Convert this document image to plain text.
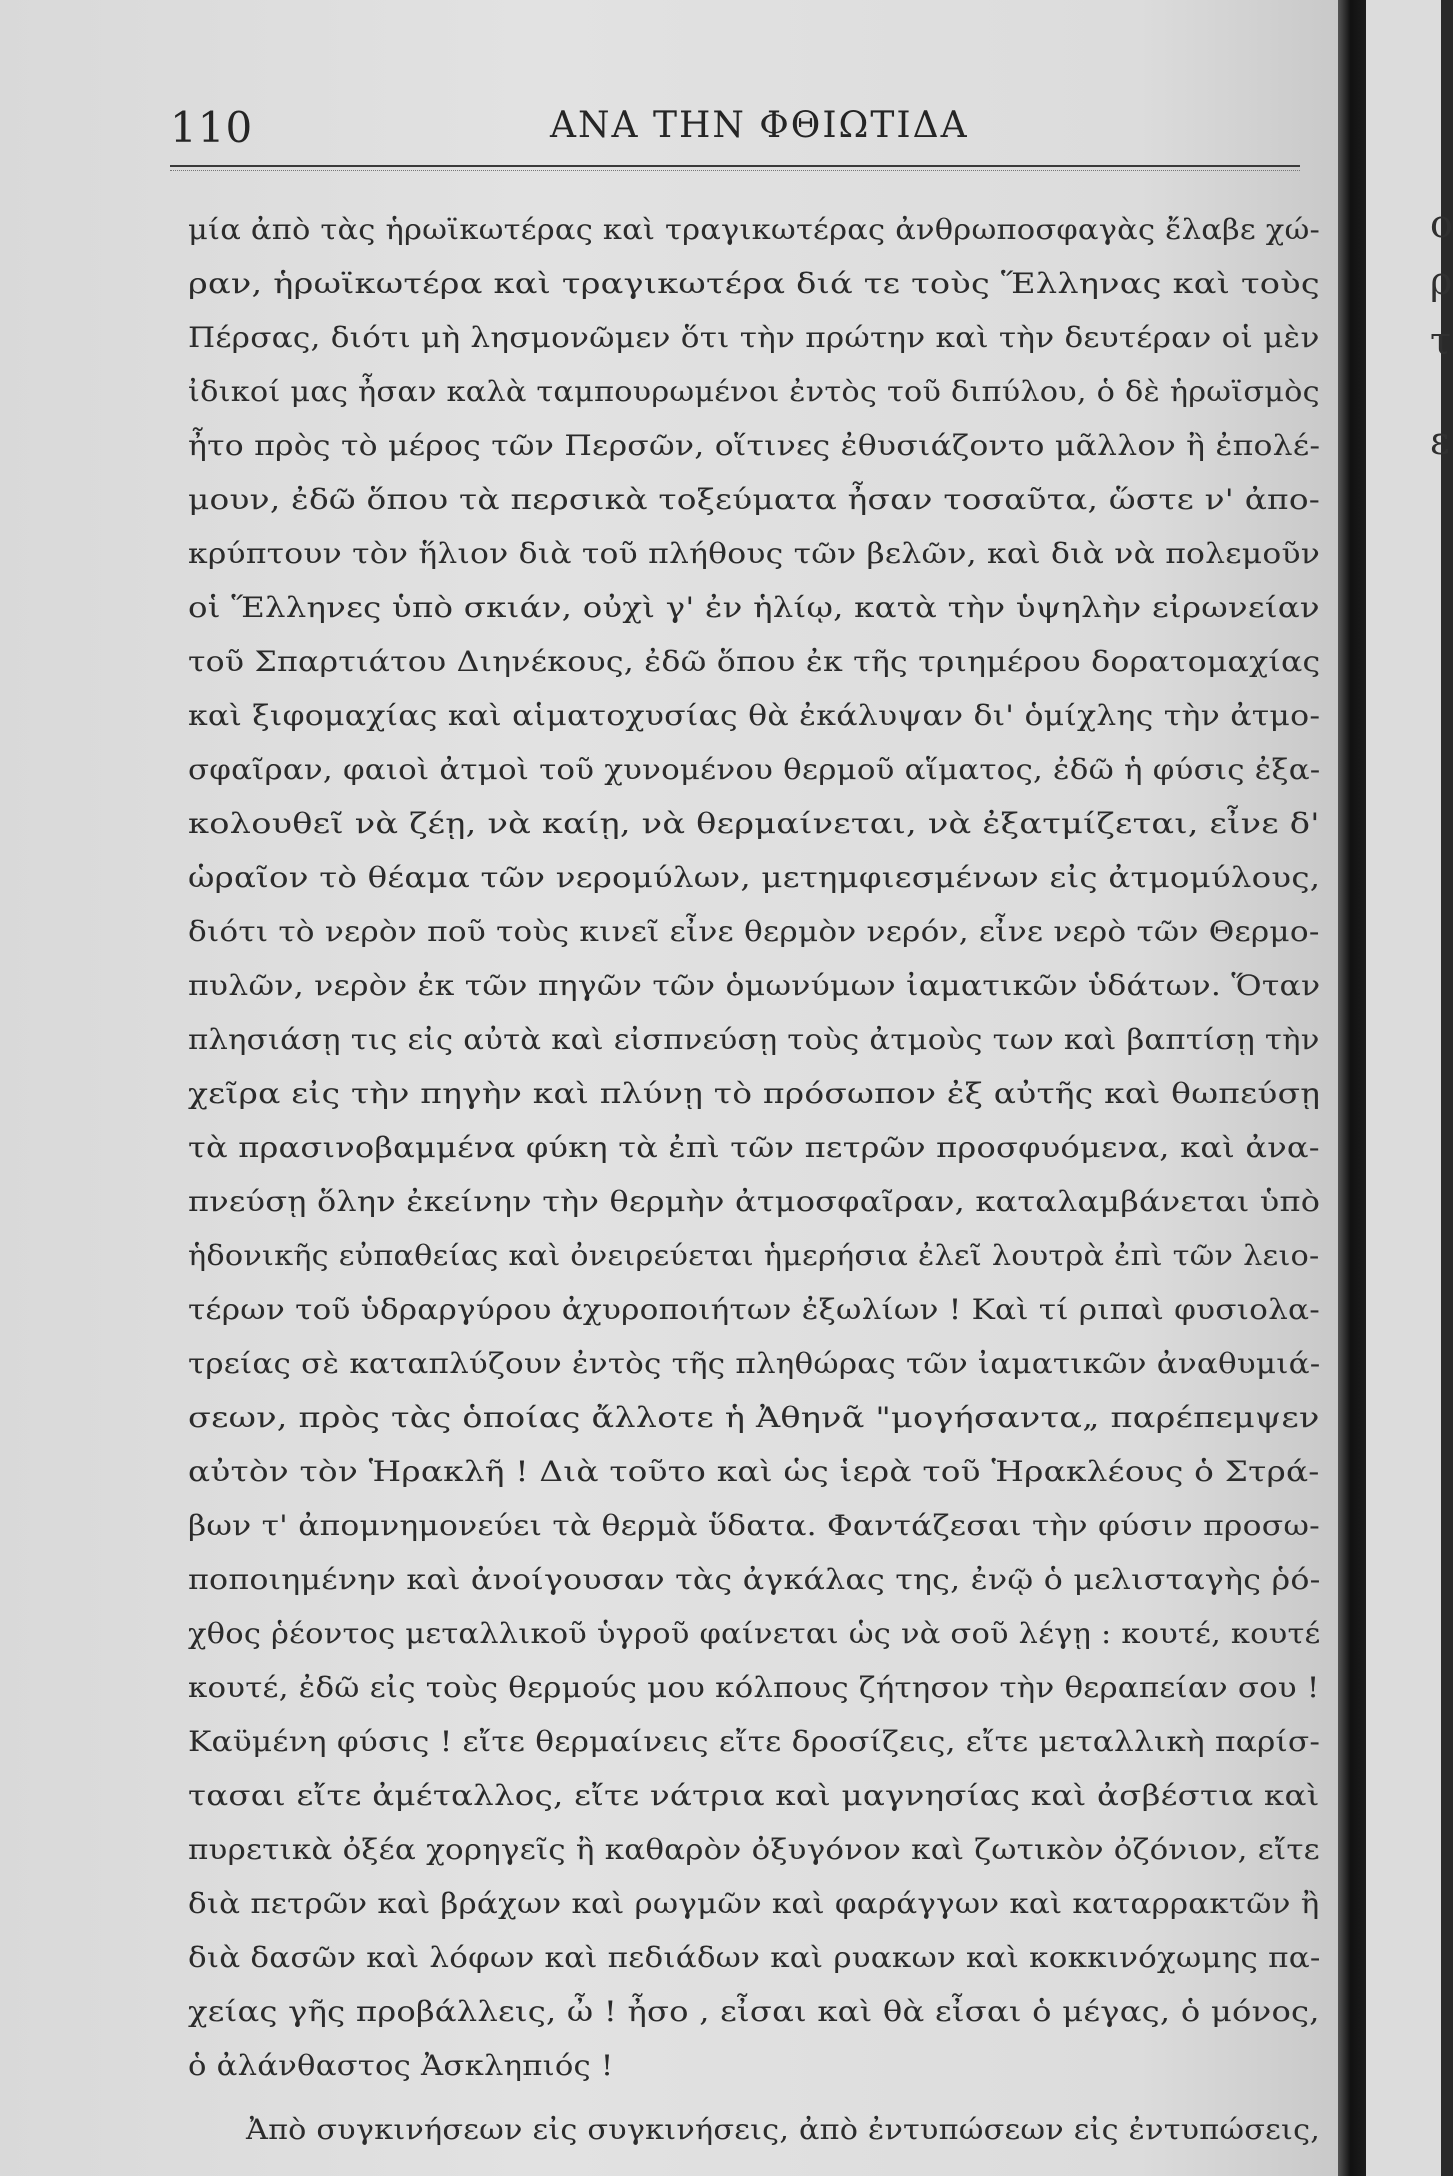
110	ΑΝΑ ΤΗΝ ΦΘΙΩΤΙΔΑ
μία ἀπὸ τὰς ἡρωϊκωτέρας καὶ τραγικωτέρας ἀνθρωποσφαγὰς ἔλαβε χώ-
ραν, ἡρωϊκωτέρα καὶ τραγικωτέρα διά τε τοὺς Ἕλληνας καὶ τοὺς
Πέρσας, διότι μὴ λησμονῶμεν ὅτι τὴν πρώτην καὶ τὴν δευτέραν οἱ μὲν
ἰδικοί μας ἦσαν καλὰ ταμπουρωμένοι ἐντὸς τοῦ διπύλου, ὁ δὲ ἡρωϊσμὸς
ἦτο πρὸς τὸ μέρος τῶν Περσῶν, οἵτινες ἐθυσιάζοντο μᾶλλον ἢ ἐπολέ-
μουν, ἐδῶ ὅπου τὰ περσικὰ τοξεύματα ἦσαν τοσαῦτα, ὥστε ν' ἀπο-
κρύπτουν τὸν ἥλιον διὰ τοῦ πλήθους τῶν βελῶν, καὶ διὰ νὰ πολεμοῦν
οἱ Ἕλληνες ὑπὸ σκιάν, οὐχὶ γ' ἐν ἡλίῳ, κατὰ τὴν ὑψηλὴν εἰρωνείαν
τοῦ Σπαρτιάτου Διηνέκους, ἐδῶ ὅπου ἐκ τῆς τριημέρου δορατομαχίας
καὶ ξιφομαχίας καὶ αἱματοχυσίας θὰ ἐκάλυψαν δι' ὁμίχλης τὴν ἀτμο-
σφαῖραν, φαιοὶ ἀτμοὶ τοῦ χυνομένου θερμοῦ αἵματος, ἐδῶ ἡ φύσις ἐξα-
κολουθεῖ νὰ ζέῃ, νὰ καίῃ, νὰ θερμαίνεται, νὰ ἐξατμίζεται, εἶνε δ'
ὡραῖον τὸ θέαμα τῶν νερομύλων, μετημφιεσμένων εἰς ἀτμομύλους,
διότι τὸ νερὸν ποῦ τοὺς κινεῖ εἶνε θερμὸν νερόν, εἶνε νερὸ τῶν Θερμο-
πυλῶν, νερὸν ἐκ τῶν πηγῶν τῶν ὁμωνύμων ἰαματικῶν ὑδάτων. Ὅταν
πλησιάσῃ τις εἰς αὐτὰ καὶ εἰσπνεύσῃ τοὺς ἀτμοὺς των καὶ βαπτίσῃ τὴν
χεῖρα εἰς τὴν πηγὴν καὶ πλύνῃ τὸ πρόσωπον ἐξ αὐτῆς καὶ θωπεύσῃ
τὰ πρασινοβαμμένα φύκη τὰ ἐπὶ τῶν πετρῶν προσφυόμενα, καὶ ἀνα-
πνεύσῃ ὅλην ἐκείνην τὴν θερμὴν ἀτμοσφαῖραν, καταλαμβάνεται ὑπὸ
ἡδονικῆς εὐπαθείας καὶ ὀνειρεύεται ἡμερήσια ἐλεῖ λουτρὰ ἐπὶ τῶν λειο-
τέρων τοῦ ὑδραργύρου ἀχυροποιήτων ἐξωλίων ! Καὶ τί ριπαὶ φυσιολα-
τρείας σὲ καταπλύζουν ἐντὸς τῆς πληθώρας τῶν ἰαματικῶν ἀναθυμιά-
σεων, πρὸς τὰς ὁποίας ἄλλοτε ἡ Ἀθηνᾶ "μογήσαντα„ παρέπεμψεν
αὐτὸν τὸν Ἡρακλῆ ! Διὰ τοῦτο καὶ ὡς ἱερὰ τοῦ Ἡρακλέους ὁ Στρά-
βων τ' ἀπομνημονεύει τὰ θερμὰ ὕδατα. Φαντάζεσαι τὴν φύσιν προσω-
ποποιημένην καὶ ἀνοίγουσαν τὰς ἀγκάλας της, ἐνῷ ὁ μελισταγὴς ῥό-
χθος ῥέοντος μεταλλικοῦ ὑγροῦ φαίνεται ὡς νὰ σοῦ λέγῃ : κουτέ, κουτέ
κουτέ, ἐδῶ εἰς τοὺς θερμούς μου κόλπους ζήτησον τὴν θεραπείαν σου !
Καϋμένη φύσις ! εἴτε θερμαίνεις εἴτε δροσίζεις, εἴτε μεταλλικὴ παρίσ-
τασαι εἴτε ἀμέταλλος, εἴτε νάτρια καὶ μαγνησίας καὶ ἀσβέστια καὶ
πυρετικὰ ὀξέα χορηγεῖς ἢ καθαρὸν ὀξυγόνον καὶ ζωτικὸν ὀζόνιον, εἴτε
διὰ πετρῶν καὶ βράχων καὶ ρωγμῶν καὶ φαράγγων καὶ καταρρακτῶν ἢ
διὰ δασῶν καὶ λόφων καὶ πεδιάδων καὶ ρυακων καὶ κοκκινόχωμης πα-
χείας γῆς προβάλλεις, ὦ ! ἦσο , εἶσαι καὶ θὰ εἶσαι ὁ μέγας, ὁ μόνος,
ὁ ἀλάνθαστος Ἀσκληπιός !
Ἀπὸ συγκινήσεων εἰς συγκινήσεις, ἀπὸ ἐντυπώσεων εἰς ἐντυπώσεις,
ο
ρ
τ
ε
